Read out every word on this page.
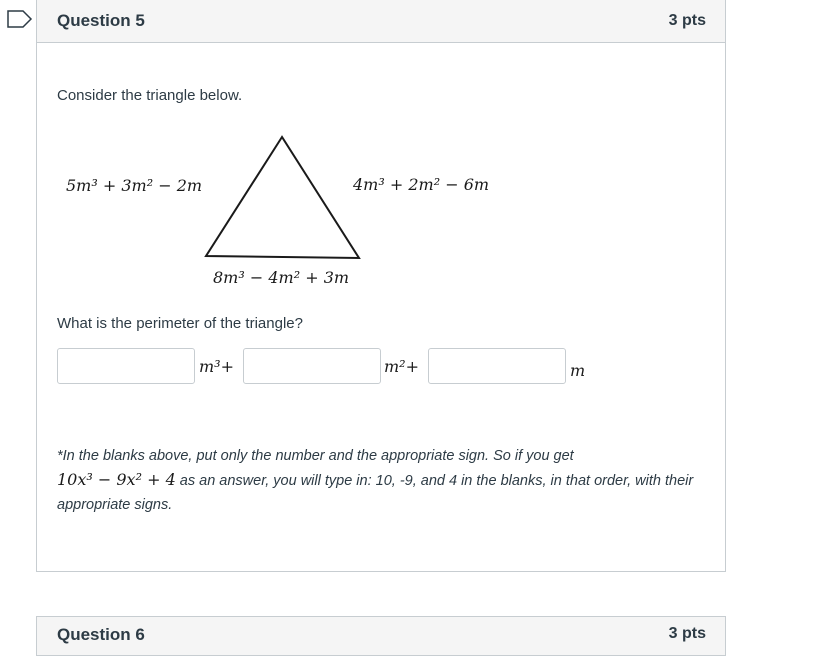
Question 5	3 pts
Consider the triangle below.
5m³ + 3m² − 2m	4m³ + 2m² − 6m
8m³ − 4m² + 3m
What is the perimeter of the triangle?
m³+	m²+	m
*In the blanks above, put only the number and the appropriate sign. So if you get
10x³ − 9x² + 4 as an answer, you will type in: 10, -9, and 4 in the blanks, in that order, with their appropriate signs.
Question 6	3 pts
